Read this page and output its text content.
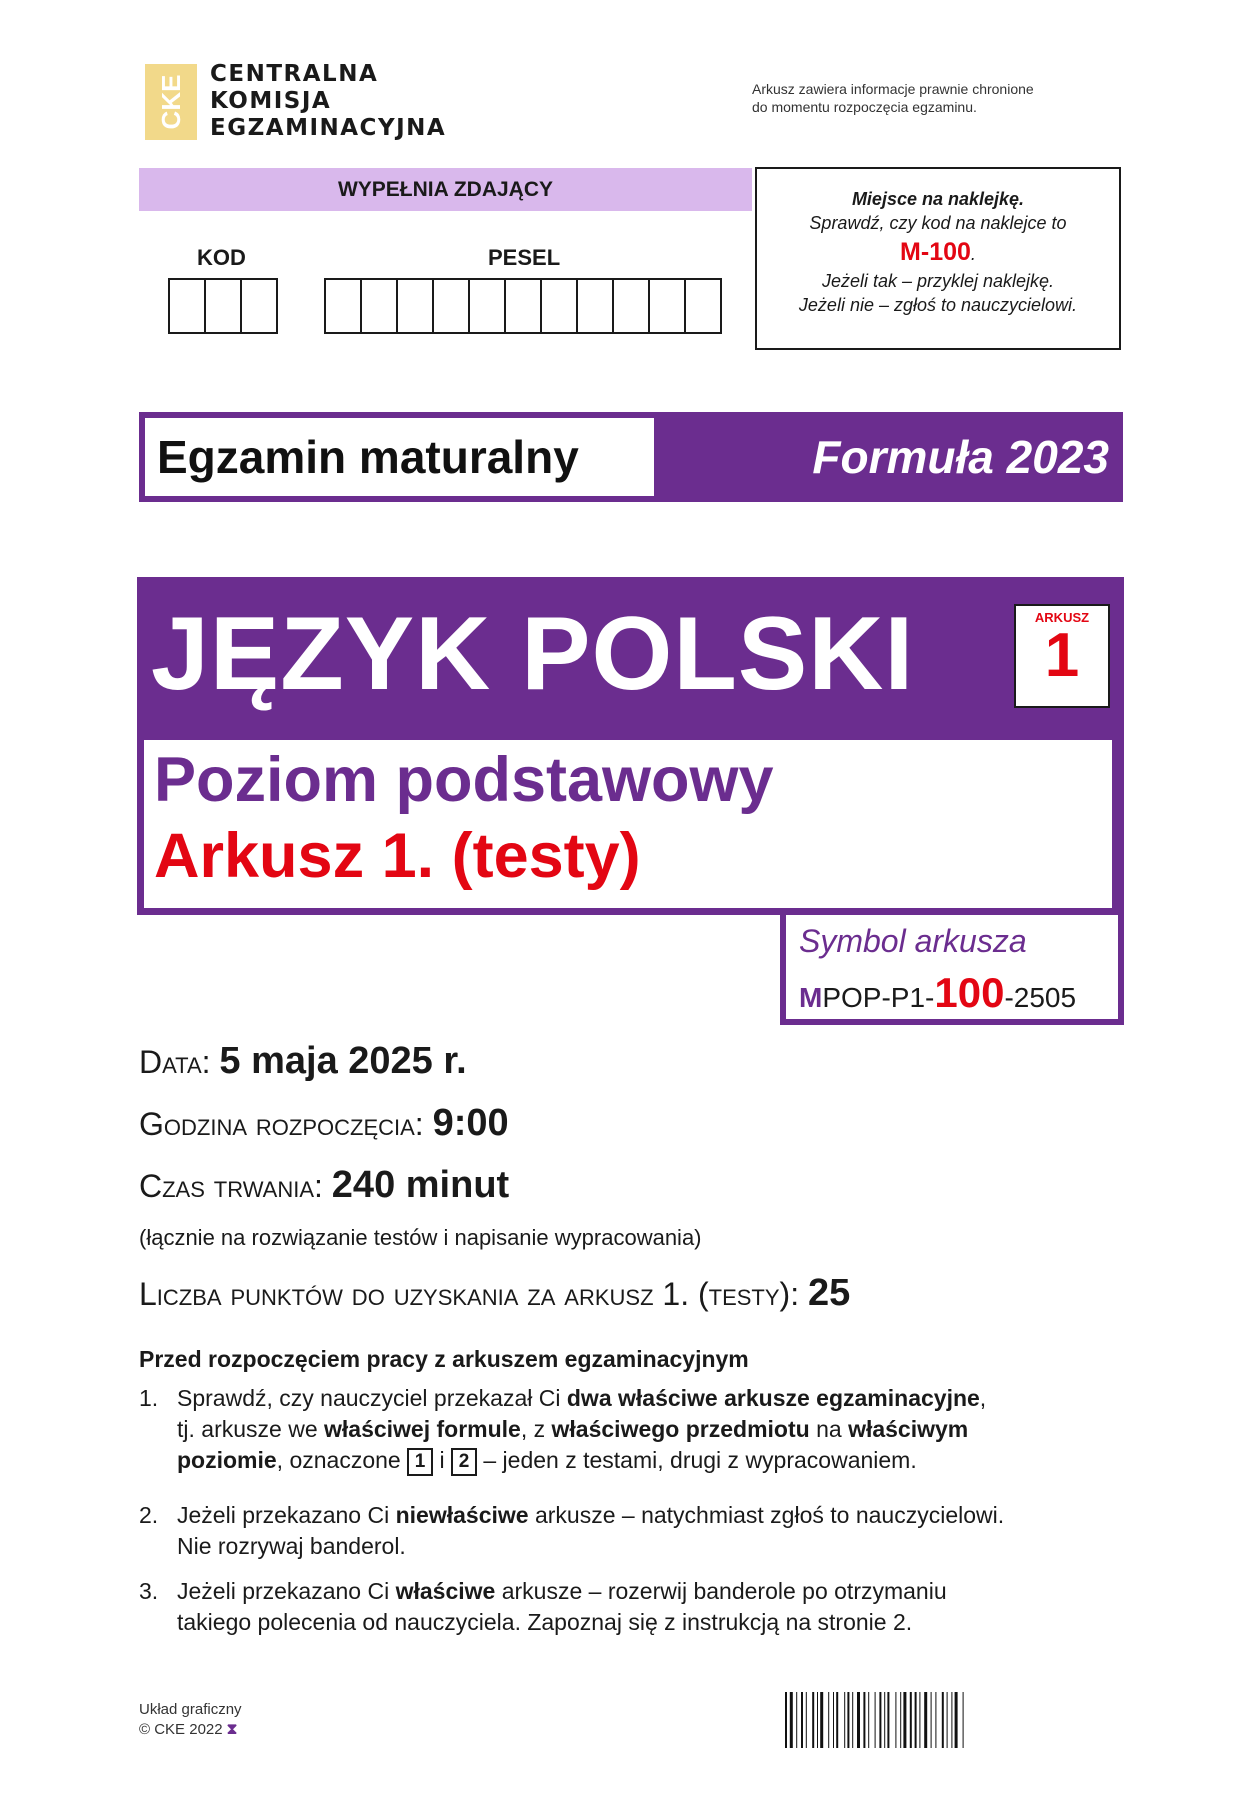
CKE
CENTRALNA
KOMISJA
EGZAMINACYJNA
Arkusz zawiera informacje prawnie chronione
do momentu rozpoczęcia egzaminu.
WYPEŁNIA ZDAJĄCY
KOD	PESEL
Miejsce na naklejkę.
Sprawdź, czy kod na naklejce to
M-100.
Jeżeli tak – przyklej naklejkę.
Jeżeli nie – zgłoś to nauczycielowi.
Egzamin maturalny	Formuła 2023
JĘZYK POLSKI	ARKUSZ
1
Poziom podstawowy
Arkusz 1. (testy)
Symbol arkusza
MPOP-P1-100-2505
Data: 5 maja 2025 r.
Godzina rozpoczęcia: 9:00
Czas trwania: 240 minut
(łącznie na rozwiązanie testów i napisanie wypracowania)
Liczba punktów do uzyskania za arkusz 1. (testy): 25
Przed rozpoczęciem pracy z arkuszem egzaminacyjnym
1. Sprawdź, czy nauczyciel przekazał Ci dwa właściwe arkusze egzaminacyjne,
tj. arkusze we właściwej formule, z właściwego przedmiotu na właściwym
poziomie, oznaczone 1 i 2 – jeden z testami, drugi z wypracowaniem.
2. Jeżeli przekazano Ci niewłaściwe arkusze – natychmiast zgłoś to nauczycielowi.
Nie rozrywaj banderol.
3. Jeżeli przekazano Ci właściwe arkusze – rozerwij banderole po otrzymaniu
takiego polecenia od nauczyciela. Zapoznaj się z instrukcją na stronie 2.
Układ graficzny
© CKE 2022 ⧗
